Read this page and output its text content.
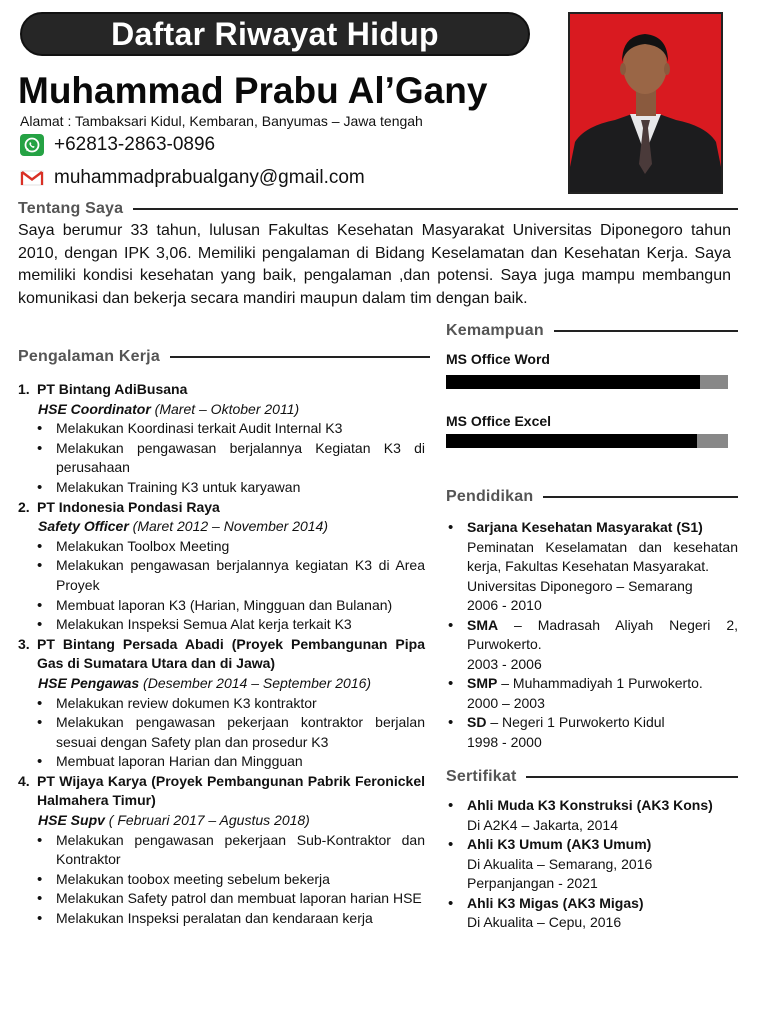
Daftar Riwayat Hidup
Muhammad Prabu Al’Gany
Alamat : Tambaksari Kidul, Kembaran, Banyumas – Jawa tengah
+62813-2863-0896
muhammadprabualgany@gmail.com
Tentang Saya
Saya berumur 33 tahun, lulusan Fakultas Kesehatan Masyarakat Universitas Diponegoro tahun 2010, dengan IPK 3,06. Memiliki pengalaman di Bidang Keselamatan dan Kesehatan Kerja. Saya memiliki kondisi kesehatan yang baik, pengalaman ,dan potensi. Saya juga mampu membangun komunikasi dan bekerja secara mandiri maupun dalam tim dengan baik.
Pengalaman Kerja
1. PT Bintang AdiBusana
HSE Coordinator (Maret – Oktober 2011)
• Melakukan Koordinasi terkait Audit Internal K3
• Melakukan pengawasan berjalannya Kegiatan K3 di perusahaan
• Melakukan Training K3 untuk karyawan
2. PT Indonesia Pondasi Raya
Safety Officer (Maret 2012 – November 2014)
• Melakukan Toolbox Meeting
• Melakukan pengawasan berjalannya kegiatan K3 di Area Proyek
• Membuat laporan K3 (Harian, Mingguan dan Bulanan)
• Melakukan Inspeksi Semua Alat kerja terkait K3
3. PT Bintang Persada Abadi (Proyek Pembangunan Pipa Gas di Sumatara Utara dan di Jawa)
HSE Pengawas (Desember 2014 – September 2016)
• Melakukan review dokumen K3 kontraktor
• Melakukan pengawasan pekerjaan kontraktor berjalan sesuai dengan Safety plan dan prosedur K3
• Membuat laporan Harian dan Mingguan
4. PT Wijaya Karya (Proyek Pembangunan Pabrik Feronickel Halmahera Timur)
HSE Supv ( Februari 2017 – Agustus 2018)
• Melakukan pengawasan pekerjaan Sub-Kontraktor dan Kontraktor
• Melakukan toobox meeting sebelum bekerja
• Melakukan Safety patrol dan membuat laporan harian HSE
• Melakukan Inspeksi peralatan dan kendaraan kerja
Kemampuan
MS Office Word
MS Office Excel
Pendidikan
• Sarjana Kesehatan Masyarakat (S1)
Peminatan Keselamatan dan kesehatan kerja, Fakultas Kesehatan Masyarakat.
Universitas Diponegoro – Semarang
2006 - 2010
• SMA – Madrasah Aliyah Negeri 2, Purwokerto.
2003 - 2006
• SMP – Muhammadiyah 1 Purwokerto.
2000 – 2003
• SD – Negeri 1 Purwokerto Kidul
1998 - 2000
Sertifikat
• Ahli Muda K3 Konstruksi (AK3 Kons)
Di A2K4 – Jakarta, 2014
• Ahli K3 Umum (AK3 Umum)
Di Akualita – Semarang, 2016
Perpanjangan - 2021
• Ahli K3 Migas (AK3 Migas)
Di Akualita – Cepu, 2016
